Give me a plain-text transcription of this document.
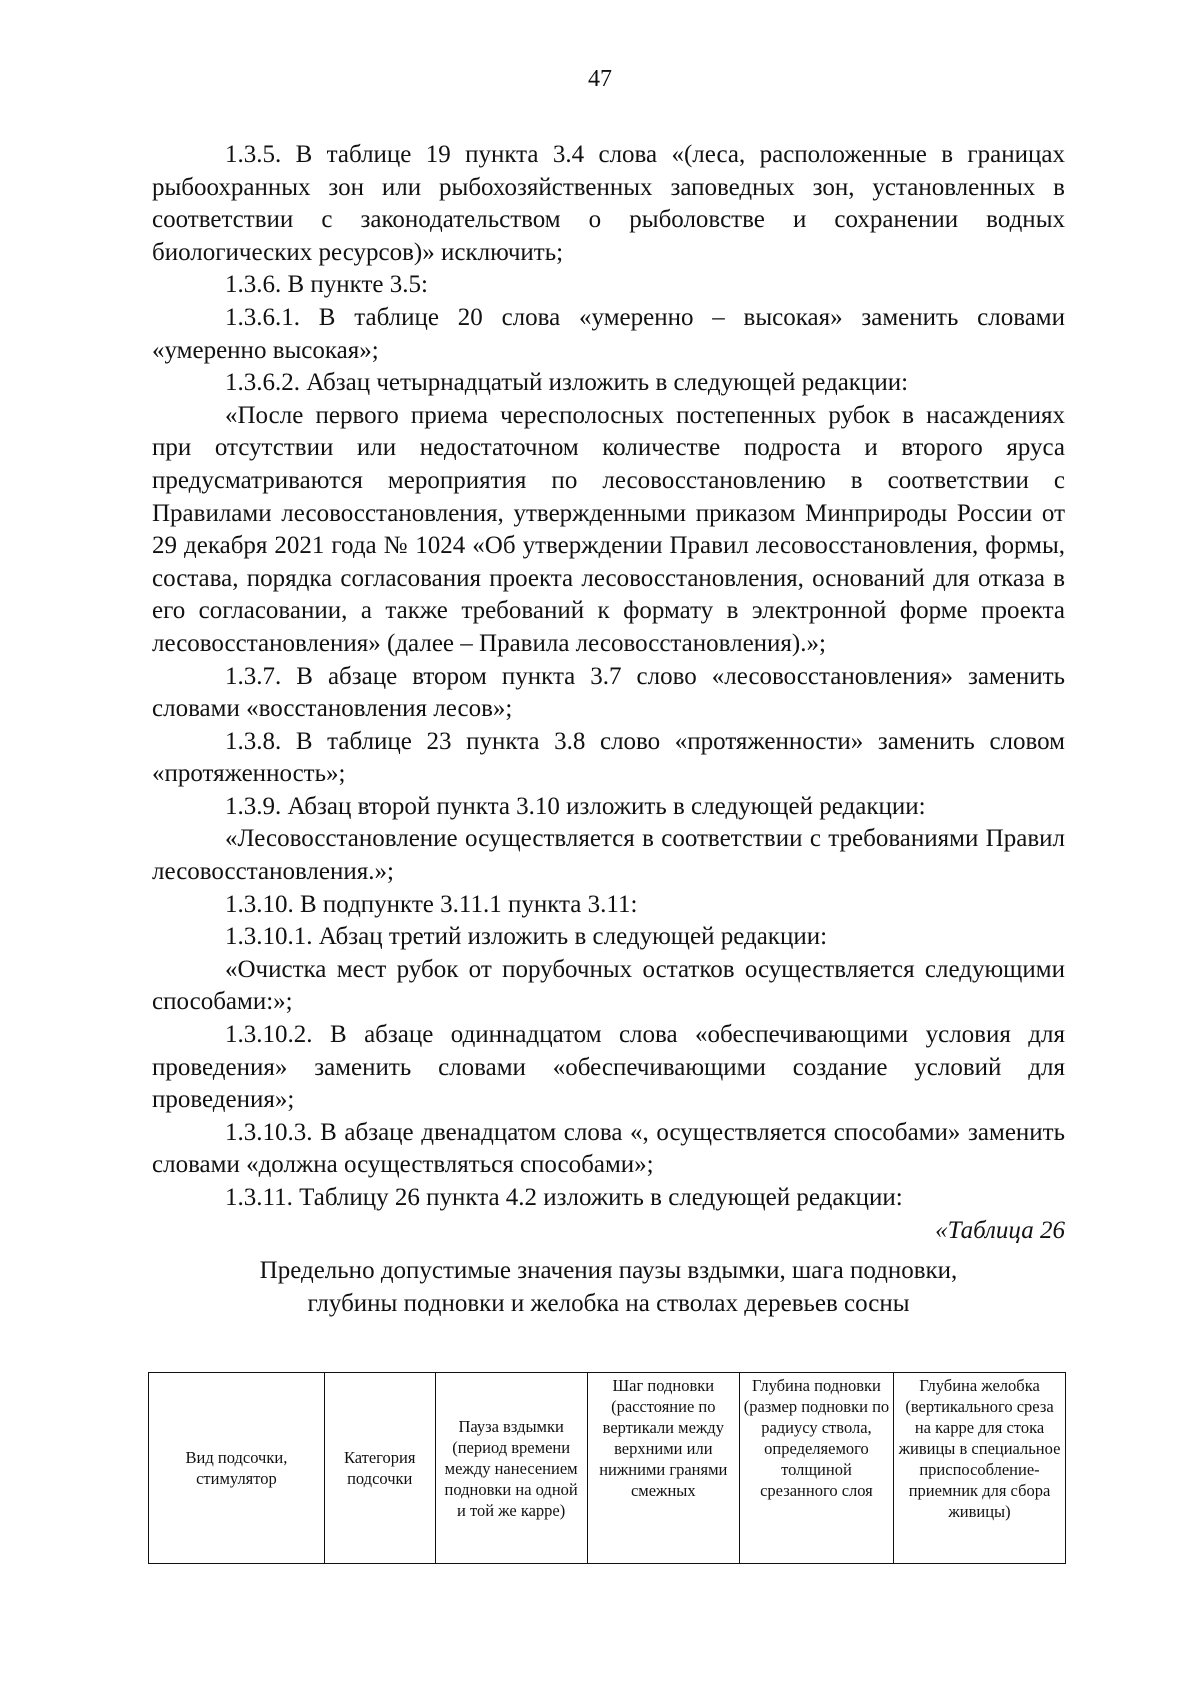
47

1.3.5. В таблице 19 пункта 3.4 слова «(леса, расположенные в границах рыбоохранных зон или рыбохозяйственных заповедных зон, установленных в соответствии с законодательством о рыболовстве и сохранении водных биологических ресурсов)» исключить;

1.3.6. В пункте 3.5:

1.3.6.1. В таблице 20 слова «умеренно – высокая» заменить словами «умеренно высокая»;

1.3.6.2. Абзац четырнадцатый изложить в следующей редакции:

«После первого приема чересполосных постепенных рубок в насаждениях при отсутствии или недостаточном количестве подроста и второго яруса предусматриваются мероприятия по лесовосстановлению в соответствии с Правилами лесовосстановления, утвержденными приказом Минприроды России от 29 декабря 2021 года № 1024 «Об утверждении Правил лесовосстановления, формы, состава, порядка согласования проекта лесовосстановления, оснований для отказа в его согласовании, а также требований к формату в электронной форме проекта лесовосстановления» (далее – Правила лесовосстановления).»;

1.3.7. В абзаце втором пункта 3.7 слово «лесовосстановления» заменить словами «восстановления лесов»;

1.3.8. В таблице 23 пункта 3.8 слово «протяженности» заменить словом «протяженность»;

1.3.9. Абзац второй пункта 3.10 изложить в следующей редакции:

«Лесовосстановление осуществляется в соответствии с требованиями Правил лесовосстановления.»;

1.3.10. В подпункте 3.11.1 пункта 3.11:

1.3.10.1. Абзац третий изложить в следующей редакции:

«Очистка мест рубок от порубочных остатков осуществляется следующими способами:»;

1.3.10.2. В абзаце одиннадцатом слова «обеспечивающими условия для проведения» заменить словами «обеспечивающими создание условий для проведения»;

1.3.10.3. В абзаце двенадцатом слова «, осуществляется способами» заменить словами «должна осуществляться способами»;

1.3.11. Таблицу 26 пункта 4.2 изложить в следующей редакции:

«Таблица 26

Предельно допустимые значения паузы вздымки, шага подновки,
глубины подновки и желобка на стволах деревьев сосны
Вид подсочки, стимулятор	Категория подсочки	Пауза вздымки (период времени между нанесением подновки на одной и той же карре)	Шаг подновки (расстояние по вертикали между верхними или нижними гранями смежных	Глубина подновки (размер подновки по радиусу ствола, определяемого толщиной срезанного слоя	Глубина желобка (вертикального среза на карре для стока живицы в специальное приспособление-приемник для сбора живицы)
